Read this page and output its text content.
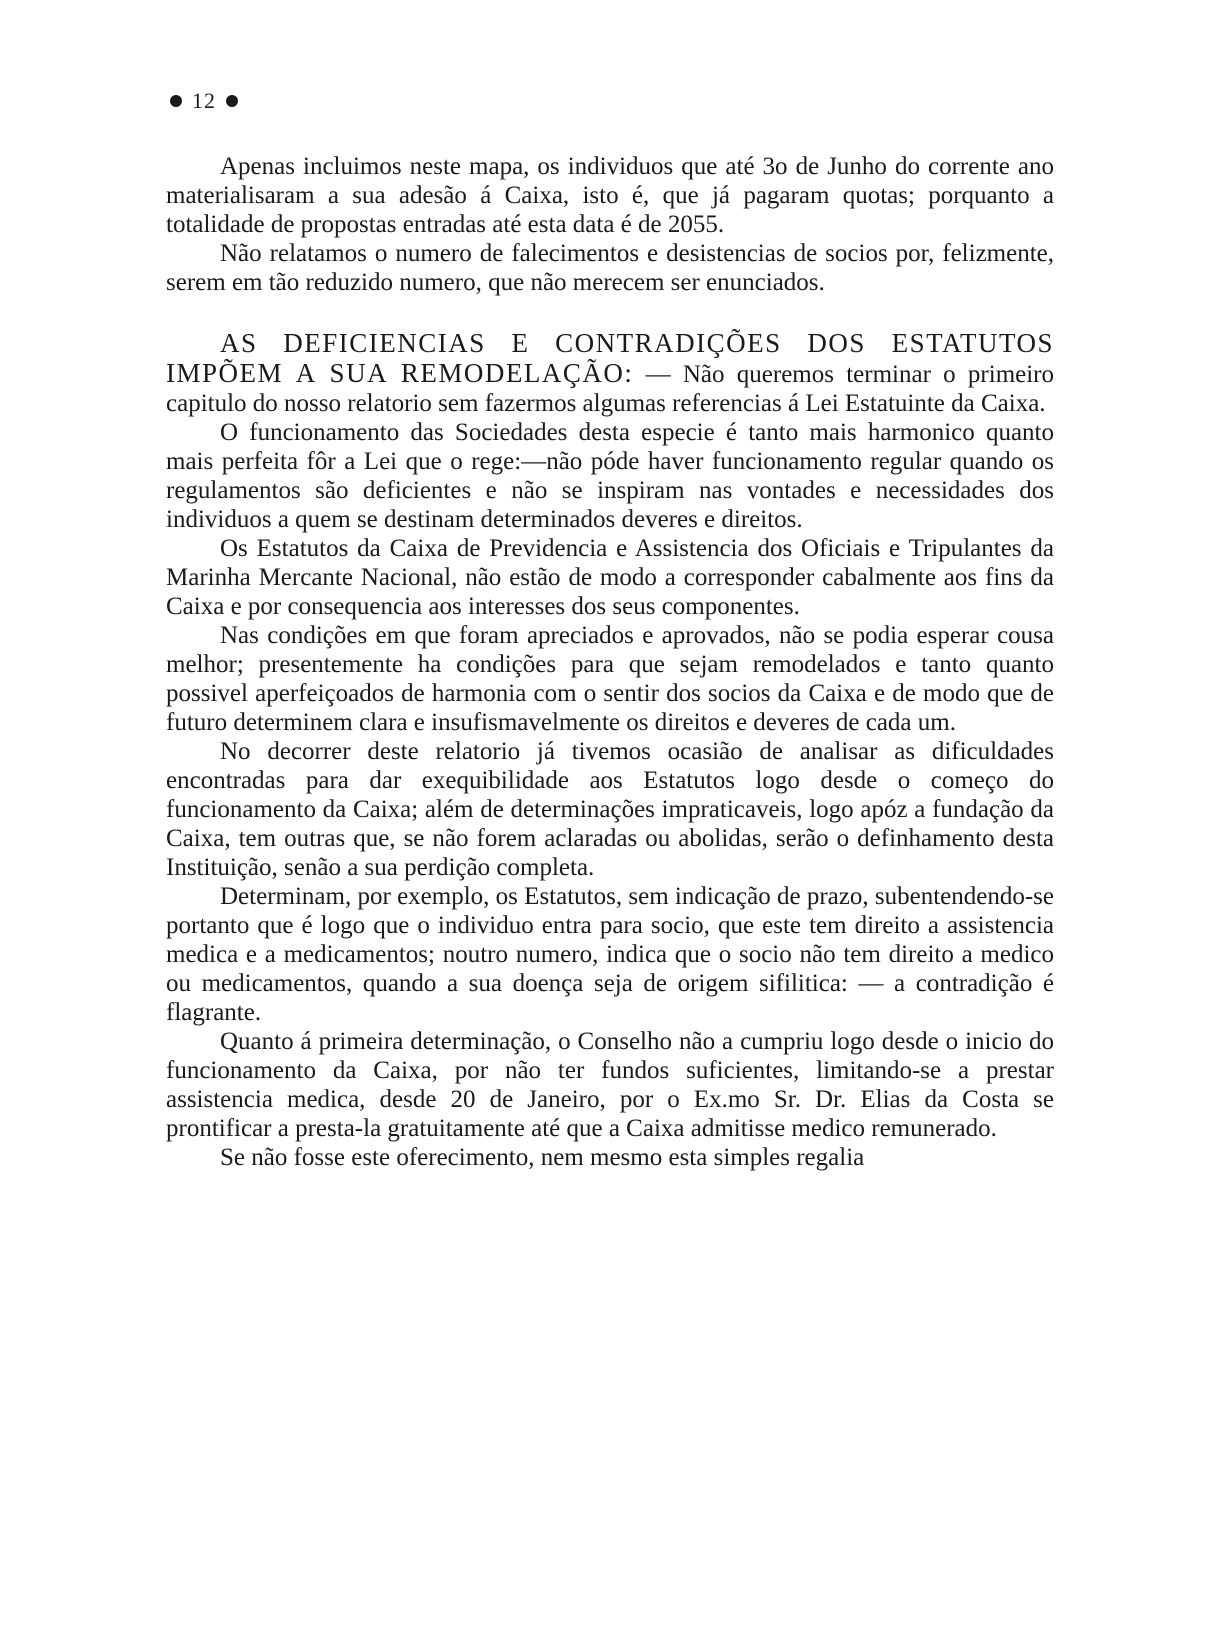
12

Apenas incluimos neste mapa, os individuos que até 3o de Junho do corrente ano materialisaram a sua adesão á Caixa, isto é, que já pagaram quotas; porquanto a totalidade de propostas entradas até esta data é de 2055.

Não relatamos o numero de falecimentos e desistencias de socios por, felizmente, serem em tão reduzido numero, que não merecem ser enunciados.

AS DEFICIENCIAS E CONTRADIÇÕES DOS ESTATUTOS IMPÕEM A SUA REMODELAÇÃO: — Não queremos terminar o primeiro capitulo do nosso relatorio sem fazermos algumas referencias á Lei Estatuinte da Caixa.

O funcionamento das Sociedades desta especie é tanto mais harmonico quanto mais perfeita fôr a Lei que o rege:—não póde haver funcionamento regular quando os regulamentos são deficientes e não se inspiram nas vontades e necessidades dos individuos a quem se destinam determinados deveres e direitos.

Os Estatutos da Caixa de Previdencia e Assistencia dos Oficiais e Tripulantes da Marinha Mercante Nacional, não estão de modo a corresponder cabalmente aos fins da Caixa e por consequencia aos interesses dos seus componentes.

Nas condições em que foram apreciados e aprovados, não se podia esperar cousa melhor; presentemente ha condições para que sejam remodelados e tanto quanto possivel aperfeiçoados de harmonia com o sentir dos socios da Caixa e de modo que de futuro determinem clara e insufismavelmente os direitos e deveres de cada um.

No decorrer deste relatorio já tivemos ocasião de analisar as dificuldades encontradas para dar exequibilidade aos Estatutos logo desde o começo do funcionamento da Caixa; além de determinações impraticaveis, logo apóz a fundação da Caixa, tem outras que, se não forem aclaradas ou abolidas, serão o definhamento desta Instituição, senão a sua perdição completa.

Determinam, por exemplo, os Estatutos, sem indicação de prazo, subentendendo-se portanto que é logo que o individuo entra para socio, que este tem direito a assistencia medica e a medicamentos; noutro numero, indica que o socio não tem direito a medico ou medicamentos, quando a sua doença seja de origem sifilitica: — a contradição é flagrante.

Quanto á primeira determinação, o Conselho não a cumpriu logo desde o inicio do funcionamento da Caixa, por não ter fundos suficientes, limitando-se a prestar assistencia medica, desde 20 de Janeiro, por o Ex.mo Sr. Dr. Elias da Costa se prontificar a presta-la gratuitamente até que a Caixa admitisse medico remunerado.

Se não fosse este oferecimento, nem mesmo esta simples regalia
